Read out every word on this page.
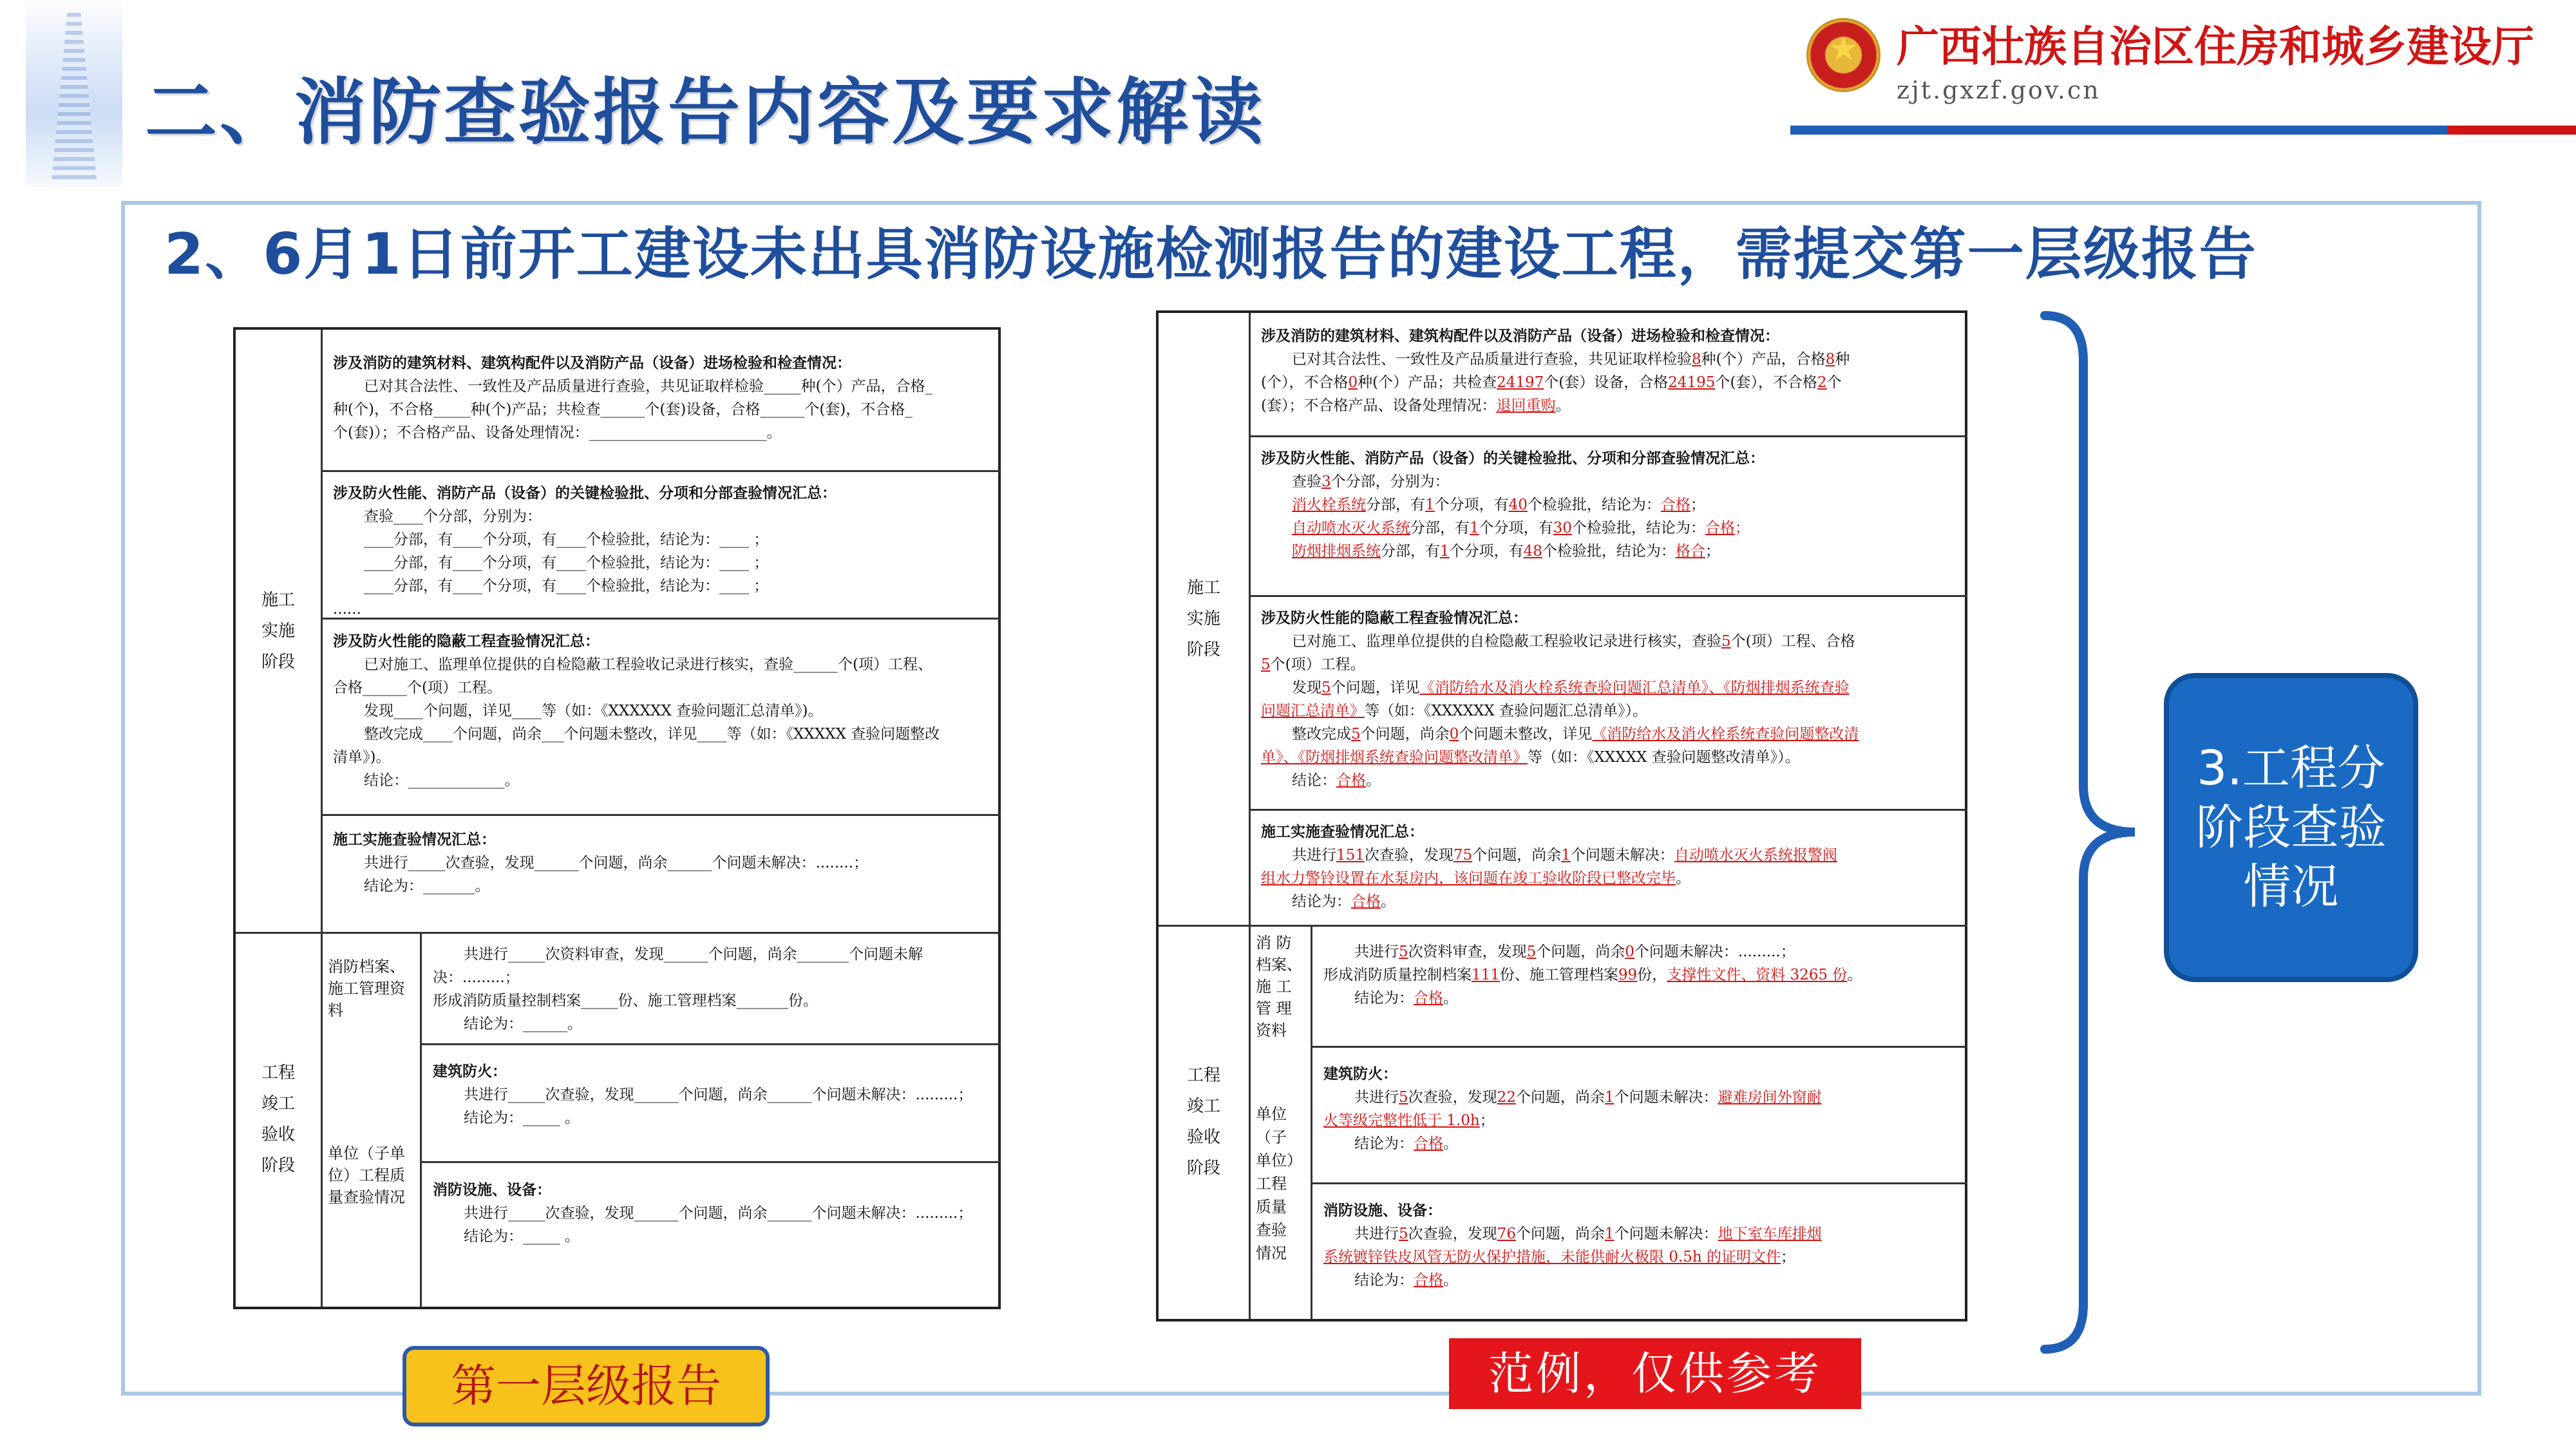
二、消防查验报告内容及要求解读
★
广西壮族自治区住房和城乡建设厅
zjt.gxzf.gov.cn
2、6月1日前开工建设未出具消防设施检测报告的建设工程，需提交第一层级报告
施工
实施
阶段
工程
竣工
验收
阶段
涉及消防的建筑材料、建筑构配件以及消防产品（设备）进场检验和检查情况：
已对其合法性、一致性及产品质量进行查验，共见证取样检验_____种(个）产品，合格_
种(个)，不合格_____种(个)产品；共检查______个(套)设备，合格______个(套)，不合格_
个(套)）；不合格产品、设备处理情况：________________________。
涉及防火性能、消防产品（设备）的关键检验批、分项和分部查验情况汇总：
查验____个分部，分别为：
____分部，有____个分项，有____个检验批，结论为：____ ；
____分部，有____个分项，有____个检验批，结论为：____ ；
____分部，有____个分项，有____个检验批，结论为：____ ；
......
涉及防火性能的隐蔽工程查验情况汇总：
已对施工、监理单位提供的自检隐蔽工程验收记录进行核实，查验______个(项）工程、
合格______个(项）工程。
发现____个问题，详见____等（如：《XXXXXX 查验问题汇总清单》)。
整改完成____个问题，尚余___个问题未整改，详见____等（如：《XXXXX 查验问题整改
清单》)。
结论：_____________。
施工实施查验情况汇总：
共进行_____次查验，发现______个问题，尚余______个问题未解决：........；
结论为：_______。
消防档案、施工管理资料
单位（子单位）工程质量查验情况
共进行_____次资料审查，发现______个问题，尚余_______个问题未解
决：.........；
形成消防质量控制档案_____份、施工管理档案_______份。
结论为：______。
建筑防火：
共进行_____次查验，发现______个问题，尚余______个问题未解决：.........；
结论为：_____ 。
消防设施、设备：
共进行_____次查验，发现______个问题，尚余______个问题未解决：.........；
结论为：_____ 。
施工
实施
阶段
工程
竣工
验收
阶段
涉及消防的建筑材料、建筑构配件以及消防产品（设备）进场检验和检查情况：
已对其合法性、一致性及产品质量进行查验，共见证取样检验8种(个）产品，合格8种
(个），不合格0种(个）产品；共检查24197个(套）设备，合格24195个(套），不合格2个
(套）；不合格产品、设备处理情况：退回重购。
涉及防火性能、消防产品（设备）的关键检验批、分项和分部查验情况汇总：
查验3个分部，分别为：
消火栓系统分部，有1个分项，有40个检验批，结论为：合格；
自动喷水灭火系统分部，有1个分项，有30个检验批，结论为：合格；
防烟排烟系统分部，有1个分项，有48个检验批，结论为：格合；
涉及防火性能的隐蔽工程查验情况汇总：
已对施工、监理单位提供的自检隐蔽工程验收记录进行核实，查验5个(项）工程、合格
5个(项）工程。
发现5个问题，详见《消防给水及消火栓系统查验问题汇总清单》、《防烟排烟系统查验
问题汇总清单》等（如：《XXXXXX 查验问题汇总清单》）。
整改完成5个问题，尚余0个问题未整改，详见《消防给水及消火栓系统查验问题整改清
单》、《防烟排烟系统查验问题整改清单》等（如：《XXXXX 查验问题整改清单》）。
结论：合格。
施工实施查验情况汇总：
共进行151次查验，发现75个问题，尚余1个问题未解决：自动喷水灭火系统报警阀
组水力警铃设置在水泵房内，该问题在竣工验收阶段已整改完毕。
结论为：合格。
消 防
档案、
施 工
管 理
资料
单位
（子
单位）
工程
质量
查验
情况
共进行5次资料审查，发现5个问题，尚余0个问题未解决：.........；
形成消防质量控制档案111份、施工管理档案99份，支撑性文件、资料 3265 份。
结论为：合格。
建筑防火：
共进行5次查验，发现22个问题，尚余1个问题未解决：避难房间外窗耐
火等级完整性低于 1.0h；
结论为：合格。
消防设施、设备：
共进行5次查验，发现76个问题，尚余1个问题未解决：地下室车库排烟
系统镀锌铁皮风管无防火保护措施，未能供耐火极限 0.5h 的证明文件；
结论为：合格。
第一层级报告	范例，仅供参考
3.工程分阶段查验情况
